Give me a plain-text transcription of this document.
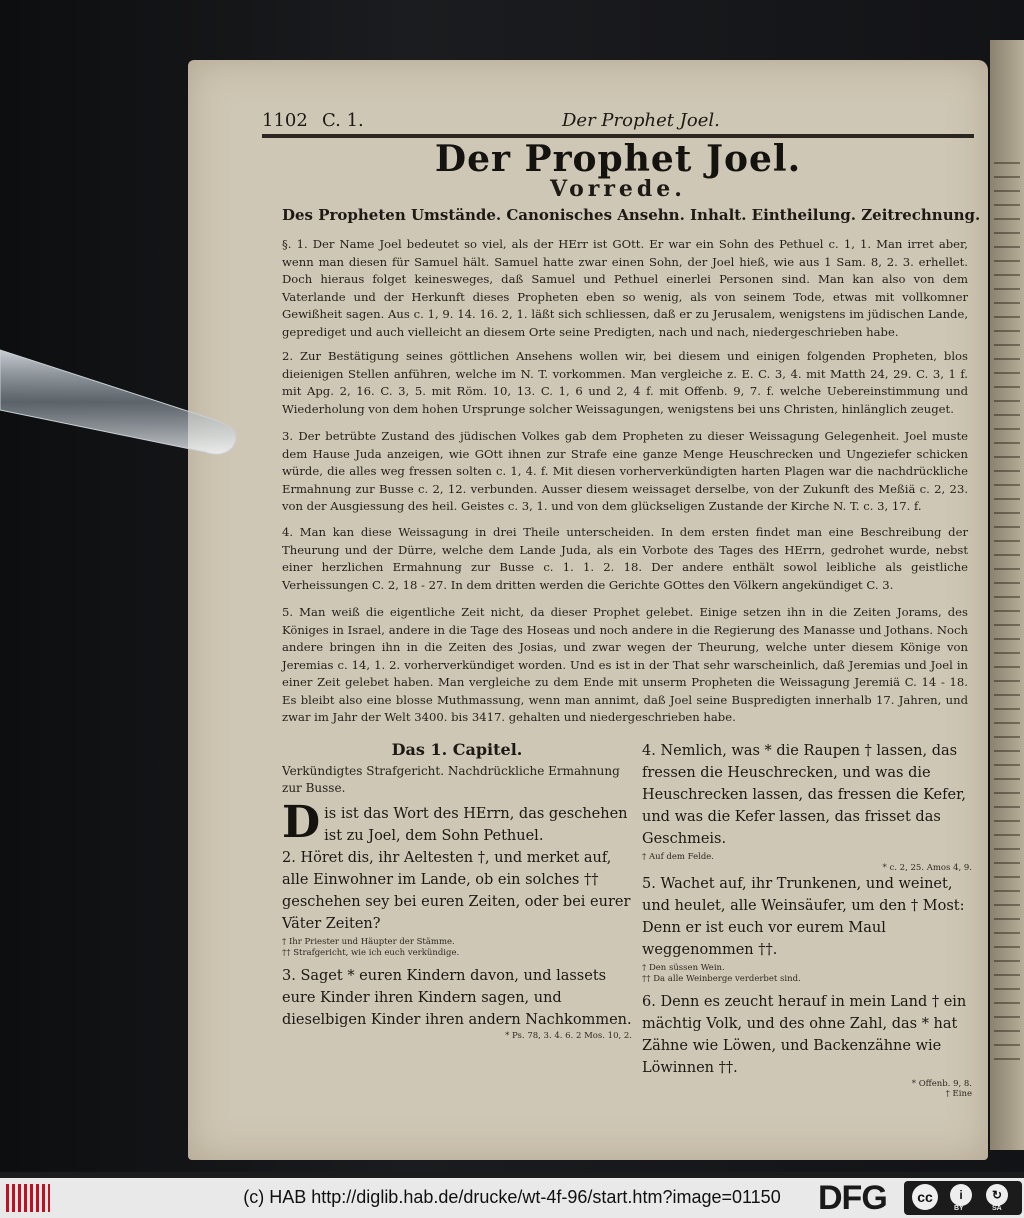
1102 C. 1.	Der Prophet Joel.
Der Prophet Joel.
Vorrede.
Des Propheten Umstände. Canonisches Ansehn. Inhalt. Eintheilung. Zeitrechnung.
§. 1. Der Name Joel bedeutet so viel, als der HErr ist GOtt. Er war ein Sohn des Pethuel c. 1, 1. Man irret aber, wenn man diesen für Samuel hält. Samuel hatte zwar einen Sohn, der Joel hieß, wie aus 1 Sam. 8, 2. 3. erhellet. Doch hieraus folget keinesweges, daß Samuel und Pethuel einerlei Personen sind. Man kan also von dem Vaterlande und der Herkunft dieses Propheten eben so wenig, als von seinem Tode, etwas mit vollkomner Gewißheit sagen. Aus c. 1, 9. 14. 16. 2, 1. läßt sich schliessen, daß er zu Jerusalem, wenigstens im jüdischen Lande, geprediget und auch vielleicht an diesem Orte seine Predigten, nach und nach, niedergeschrieben habe.
2. Zur Bestätigung seines göttlichen Ansehens wollen wir, bei diesem und einigen folgenden Propheten, blos dieienigen Stellen anführen, welche im N. T. vorkommen. Man vergleiche z. E. C. 3, 4. mit Matth 24, 29. C. 3, 1 f. mit Apg. 2, 16. C. 3, 5. mit Röm. 10, 13. C. 1, 6 und 2, 4 f. mit Offenb. 9, 7. f. welche Uebereinstimmung und Wiederholung von dem hohen Ursprunge solcher Weissagungen, wenigstens bei uns Christen, hinlänglich zeuget.
3. Der betrübte Zustand des jüdischen Volkes gab dem Propheten zu dieser Weissagung Gelegenheit. Joel muste dem Hause Juda anzeigen, wie GOtt ihnen zur Strafe eine ganze Menge Heuschrecken und Ungeziefer schicken würde, die alles weg fressen solten c. 1, 4. f. Mit diesen vorherverkündigten harten Plagen war die nachdrückliche Ermahnung zur Busse c. 2, 12. verbunden. Ausser diesem weissaget derselbe, von der Zukunft des Meßiä c. 2, 23. von der Ausgiessung des heil. Geistes c. 3, 1. und von dem glückseligen Zustande der Kirche N. T. c. 3, 17. f.
4. Man kan diese Weissagung in drei Theile unterscheiden. In dem ersten findet man eine Beschreibung der Theurung und der Dürre, welche dem Lande Juda, als ein Vorbote des Tages des HErrn, gedrohet wurde, nebst einer herzlichen Ermahnung zur Busse c. 1. 1. 2. 18. Der andere enthält sowol leibliche als geistliche Verheissungen C. 2, 18 - 27. In dem dritten werden die Gerichte GOttes den Völkern angekündiget C. 3.
5. Man weiß die eigentliche Zeit nicht, da dieser Prophet gelebet. Einige setzen ihn in die Zeiten Jorams, des Königes in Israel, andere in die Tage des Hoseas und noch andere in die Regierung des Manasse und Jothans. Noch andere bringen ihn in die Zeiten des Josias, und zwar wegen der Theurung, welche unter diesem Könige von Jeremias c. 14, 1. 2. vorherverkündiget worden. Und es ist in der That sehr warscheinlich, daß Jeremias und Joel in einer Zeit gelebet haben. Man vergleiche zu dem Ende mit unserm Propheten die Weissagung Jeremiä C. 14 - 18. Es bleibt also eine blosse Muthmassung, wenn man annimt, daß Joel seine Buspredigten innerhalb 17. Jahren, und zwar im Jahr der Welt 3400. bis 3417. gehalten und niedergeschrieben habe.
Das 1. Capitel.
Verkündigtes Strafgericht. Nachdrückliche Ermahnung zur Busse.
D is ist das Wort des HErrn, das geschehen ist zu Joel, dem Sohn Pethuel.
2. Höret dis, ihr Aeltesten †, und merket auf, alle Einwohner im Lande, ob ein solches †† geschehen sey bei euren Zeiten, oder bei eurer Väter Zeiten?
† Ihr Priester und Häupter der Stämme.
†† Strafgericht, wie ich euch verkündige.
3. Saget * euren Kindern davon, und lassets eure Kinder ihren Kindern sagen, und dieselbigen Kinder ihren andern Nachkommen.
* Ps. 78, 3. 4. 6. 2 Mos. 10, 2.
4. Nemlich, was * die Raupen † lassen, das fressen die Heuschrecken, und was die Heuschrecken lassen, das fressen die Kefer, und was die Kefer lassen, das frisset das Geschmeis.
† Auf dem Felde.
* c. 2, 25. Amos 4, 9.
5. Wachet auf, ihr Trunkenen, und weinet, und heulet, alle Weinsäufer, um den † Most: Denn er ist euch vor eurem Maul weggenommen ††.
† Den süssen Wein.
†† Da alle Weinberge verderbet sind.
6. Denn es zeucht herauf in mein Land † ein mächtig Volk, und des ohne Zahl, das * hat Zähne wie Löwen, und Backenzähne wie Löwinnen ††.
* Offenb. 9, 8.
† Eine
(c) HAB http://diglib.hab.de/drucke/wt-4f-96/start.htm?image=01150	DFG	cc	i	↻
BY	SA
